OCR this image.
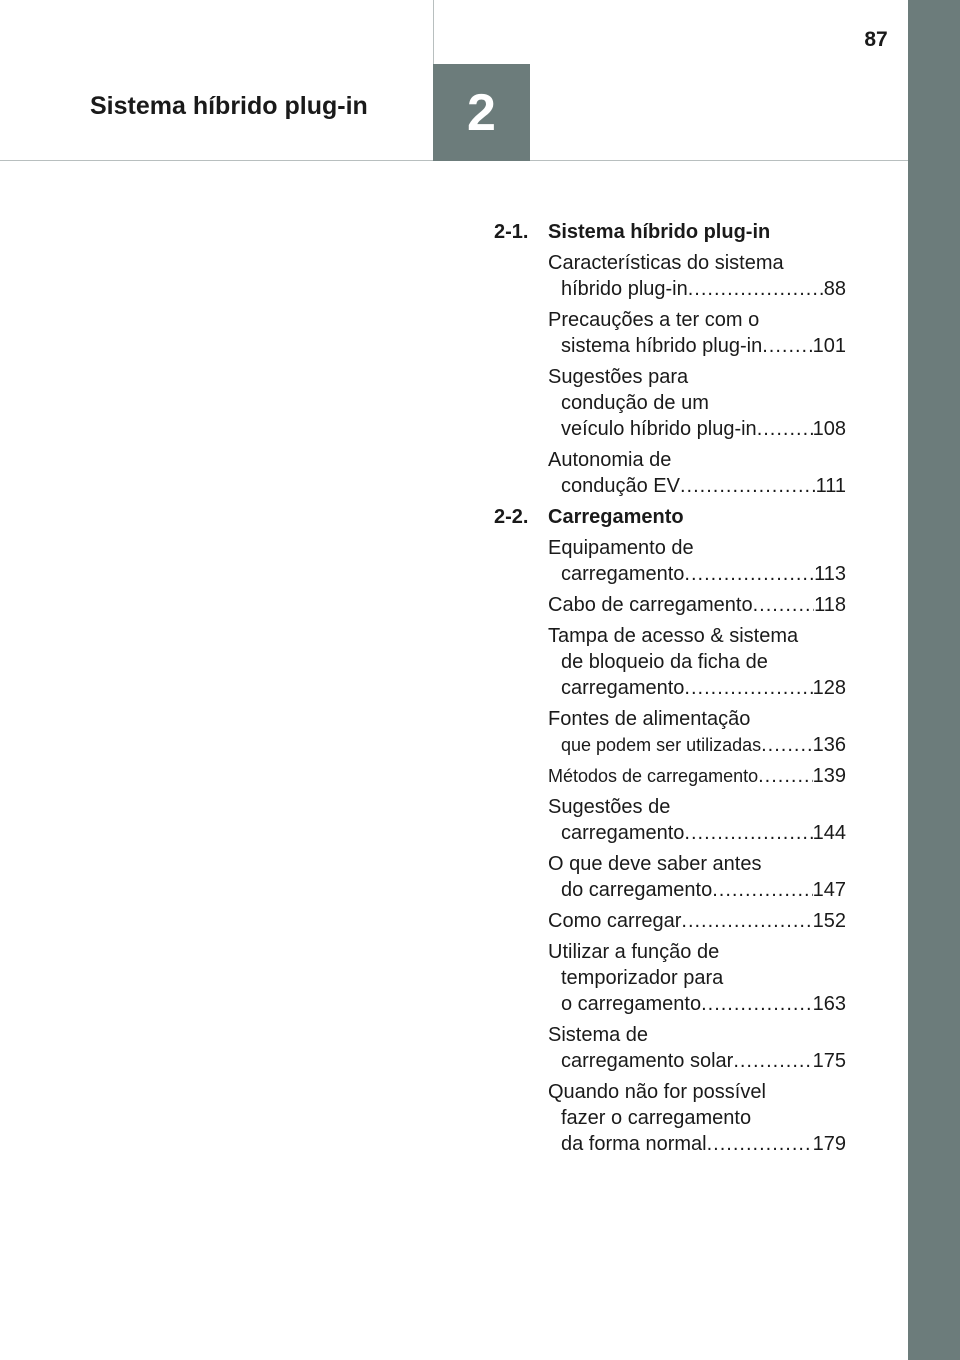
87
Sistema híbrido plug-in	2
2-1. Sistema híbrido plug-in
Características do sistema
híbrido plug-in .....	88
Precauções a ter com o
sistema híbrido plug-in .....	101
Sugestões para
condução de um
veículo híbrido plug-in .....	108
Autonomia de
condução EV .....	111
2-2. Carregamento
Equipamento de
carregamento .....	113
Cabo de carregamento .....	118
Tampa de acesso & sistema
de bloqueio da ficha de
carregamento .....	128
Fontes de alimentação
que podem ser utilizadas .....	136
Métodos de carregamento .....	139
Sugestões de
carregamento .....	144
O que deve saber antes
do carregamento .....	147
Como carregar .....	152
Utilizar a função de
temporizador para
o carregamento .....	163
Sistema de
carregamento solar .....	175
Quando não for possível
fazer o carregamento
da forma normal .....	179
